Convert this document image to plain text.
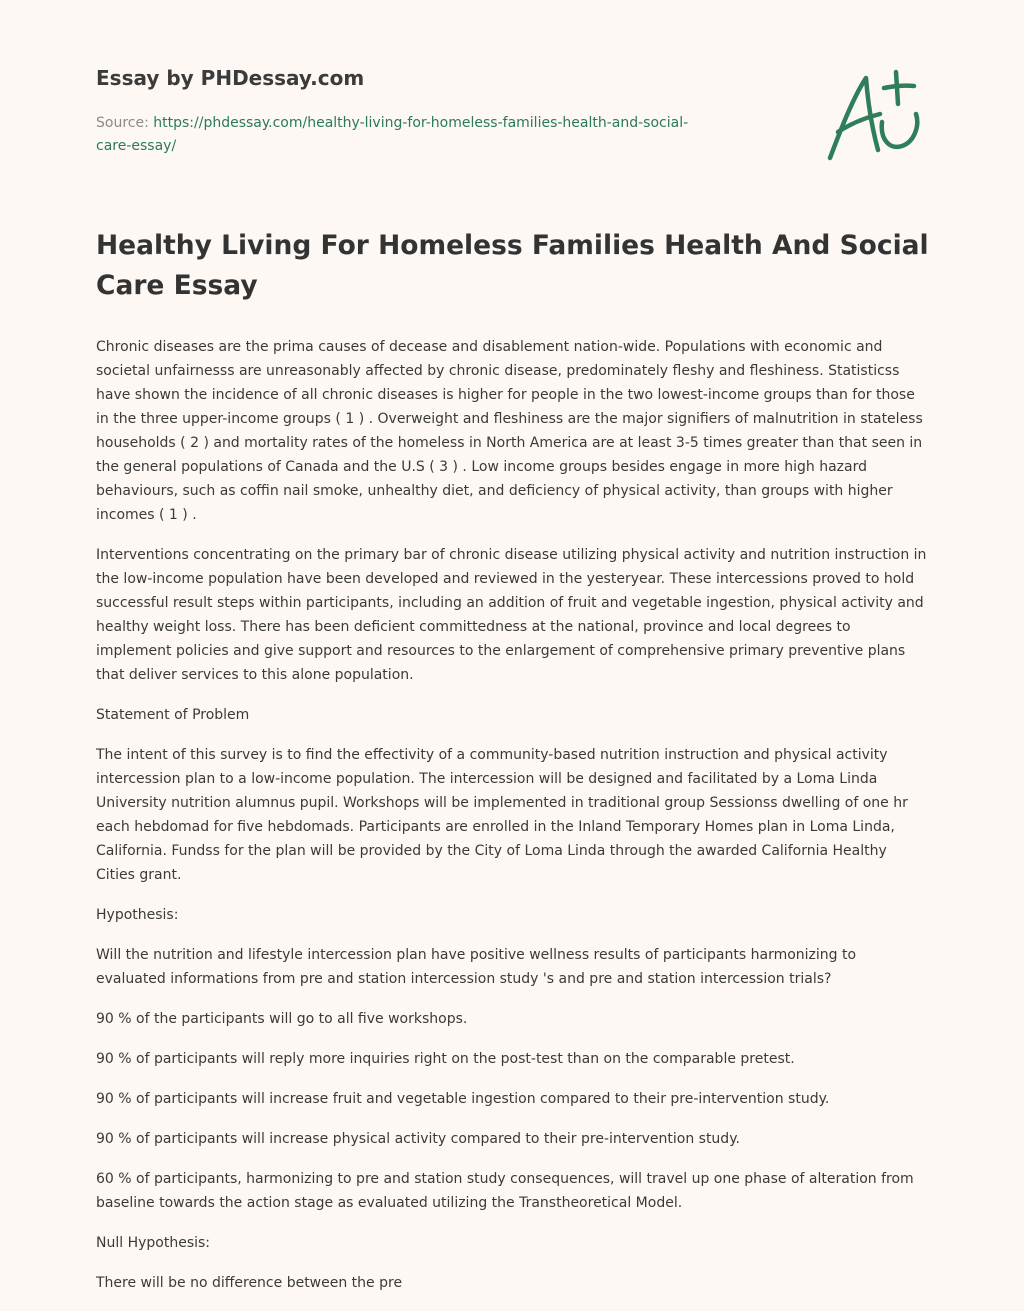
Essay by PHDessay.com
Source: https://phdessay.com/healthy-living-for-homeless-families-health-and-social-
care-essay/
Healthy Living For Homeless Families Health And Social Care Essay

Chronic diseases are the prima causes of decease and disablement nation-wide. Populations with economic and societal unfairnesss are unreasonably affected by chronic disease, predominately fleshy and fleshiness. Statisticss have shown the incidence of all chronic diseases is higher for people in the two lowest-income groups than for those in the three upper-income groups ( 1 ) . Overweight and fleshiness are the major signifiers of malnutrition in stateless households ( 2 ) and mortality rates of the homeless in North America are at least 3-5 times greater than that seen in the general populations of Canada and the U.S ( 3 ) . Low income groups besides engage in more high hazard behaviours, such as coffin nail smoke, unhealthy diet, and deficiency of physical activity, than groups with higher incomes ( 1 ) .

Interventions concentrating on the primary bar of chronic disease utilizing physical activity and nutrition instruction in the low-income population have been developed and reviewed in the yesteryear. These intercessions proved to hold successful result steps within participants, including an addition of fruit and vegetable ingestion, physical activity and healthy weight loss. There has been deficient committedness at the national, province and local degrees to implement policies and give support and resources to the enlargement of comprehensive primary preventive plans that deliver services to this alone population.

Statement of Problem

The intent of this survey is to find the effectivity of a community-based nutrition instruction and physical activity intercession plan to a low-income population. The intercession will be designed and facilitated by a Loma Linda University nutrition alumnus pupil. Workshops will be implemented in traditional group Sessionss dwelling of one hr each hebdomad for five hebdomads. Participants are enrolled in the Inland Temporary Homes plan in Loma Linda, California. Fundss for the plan will be provided by the City of Loma Linda through the awarded California Healthy Cities grant.

Hypothesis:

Will the nutrition and lifestyle intercession plan have positive wellness results of participants harmonizing to evaluated informations from pre and station intercession study 's and pre and station intercession trials?

90 % of the participants will go to all five workshops.

90 % of participants will reply more inquiries right on the post-test than on the comparable pretest.

90 % of participants will increase fruit and vegetable ingestion compared to their pre-intervention study.

90 % of participants will increase physical activity compared to their pre-intervention study.

60 % of participants, harmonizing to pre and station study consequences, will travel up one phase of alteration from baseline towards the action stage as evaluated utilizing the Transtheoretical Model.

Null Hypothesis:

There will be no difference between the pre
